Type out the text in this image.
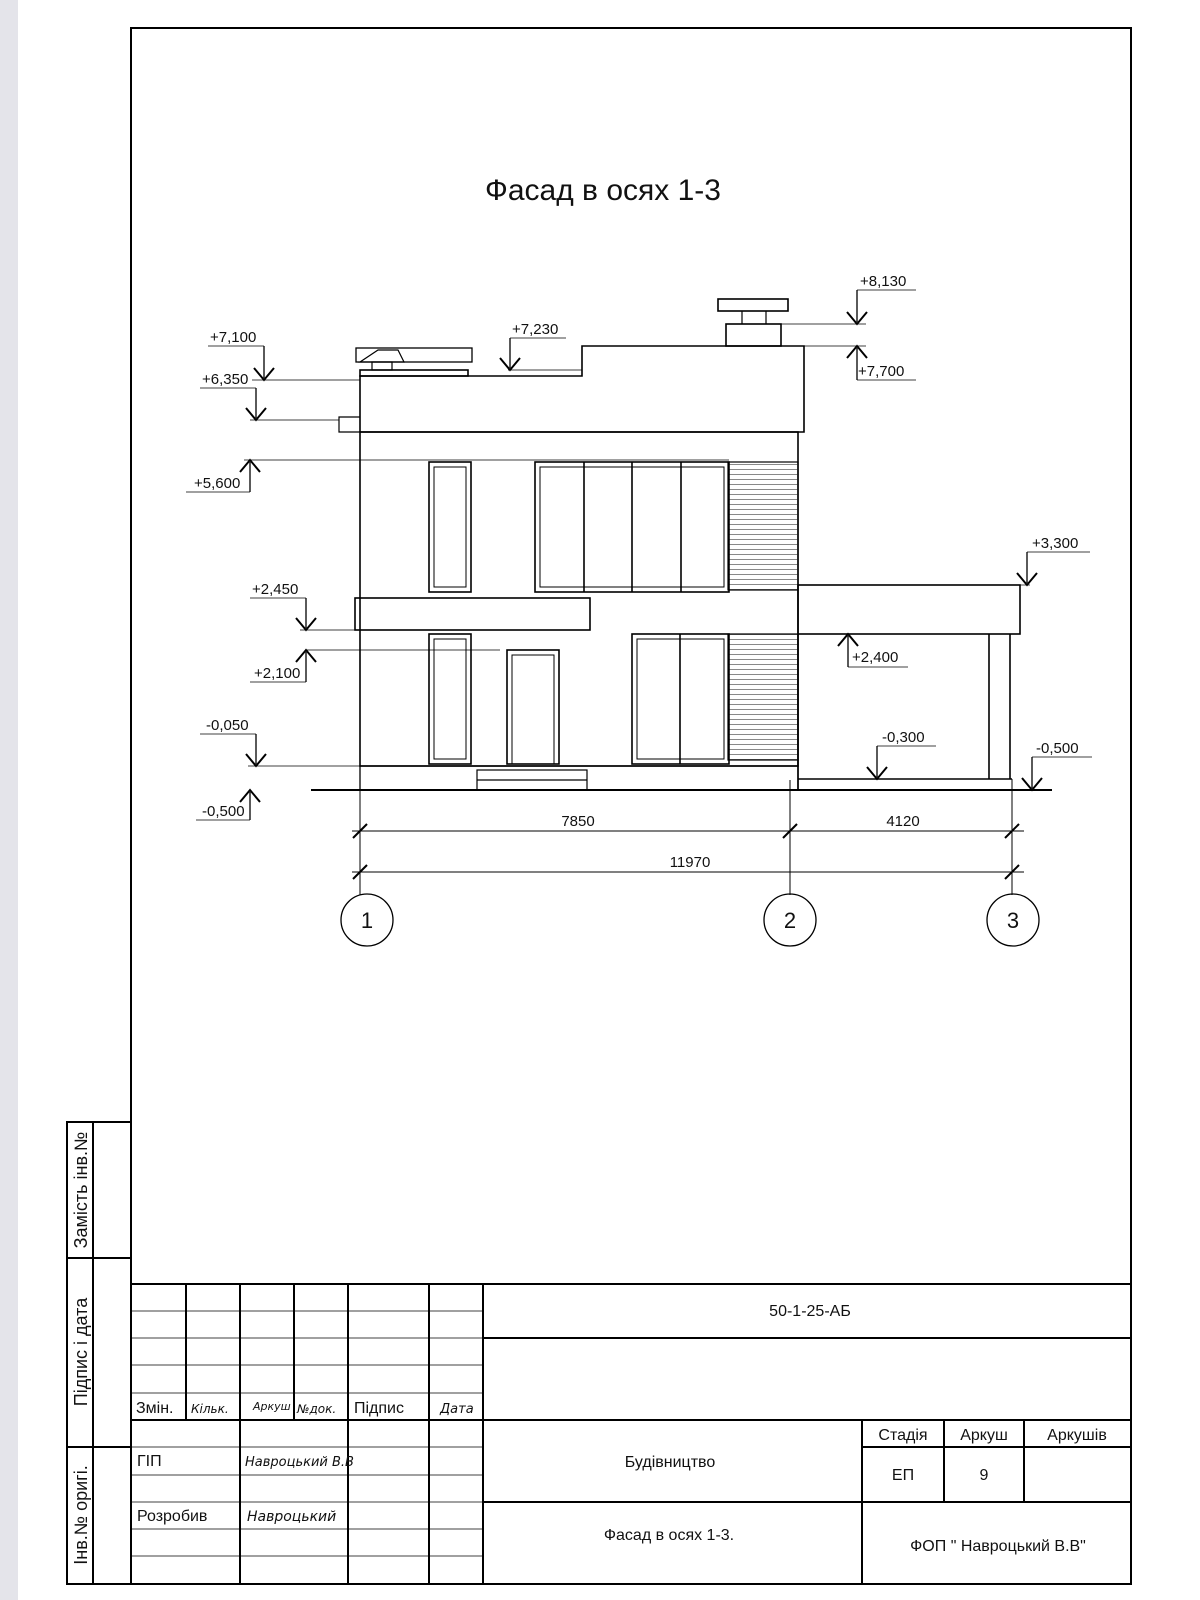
Фасад в осях 1-3
+8,130
+7,700
+7,230
+7,100
+6,350
+5,600
+3,300
+2,450
+2,400
+2,100
-0,050
-0,300
-0,500
-0,500
7850	4120
11970
1	2	3
Замість інв.№
Підпис і дата
Інв.№ оригі.
50-1-25-АБ
Змін. Кільк. Аркуш №док. Підпис	Дата
ГІП	Навроцький В.В
Розробив	Навроцький
Будівництво
Фасад в осях 1-3.
Стадія Аркуш Аркушів
ЕП	9
ФОП " Навроцький В.В"
